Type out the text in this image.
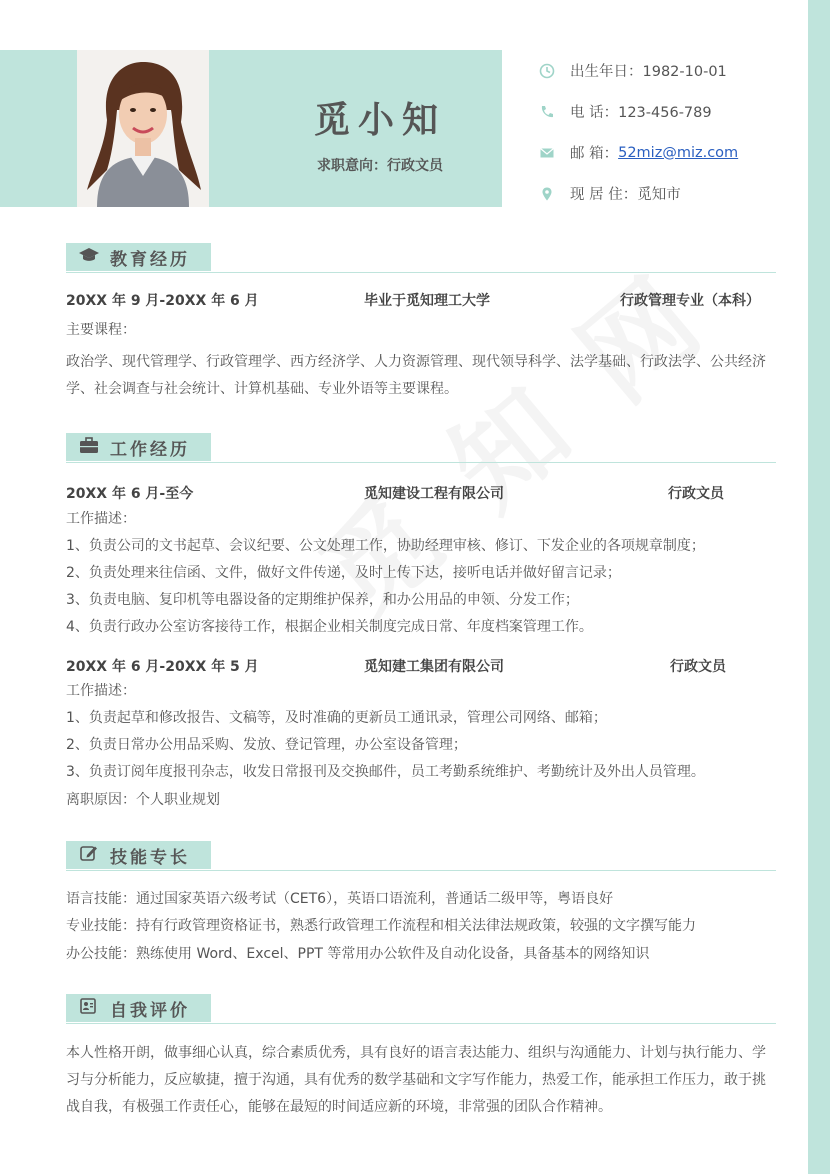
觅小知
求职意向：行政文员
出生年日：1982-10-01
电 话：123-456-789
邮 箱： 52miz@miz.com
现 居 住：觅知市
教育经历
20XX 年 9 月-20XX 年 6 月	毕业于觅知理工大学	行政管理专业（本科）
主要课程：
政治学、现代管理学、行政管理学、西方经济学、人力资源管理、现代领导科学、法学基础、行政法学、公共经济学、社会调查与社会统计、计算机基础、专业外语等主要课程。
工作经历
20XX 年 6 月-至今	觅知建设工程有限公司	行政文员
工作描述：
1、负责公司的文书起草、会议纪要、公文处理工作，协助经理审核、修订、下发企业的各项规章制度；
2、负责处理来往信函、文件，做好文件传递，及时上传下达，接听电话并做好留言记录；
3、负责电脑、复印机等电器设备的定期维护保养，和办公用品的申领、分发工作；
4、负责行政办公室访客接待工作，根据企业相关制度完成日常、年度档案管理工作。
20XX 年 6 月-20XX 年 5 月	觅知建工集团有限公司	行政文员
工作描述：
1、负责起草和修改报告、文稿等，及时准确的更新员工通讯录，管理公司网络、邮箱；
2、负责日常办公用品采购、发放、登记管理，办公室设备管理；
3、负责订阅年度报刊杂志，收发日常报刊及交换邮件，员工考勤系统维护、考勤统计及外出人员管理。
离职原因：个人职业规划
技能专长
语言技能：通过国家英语六级考试（CET6），英语口语流利，普通话二级甲等，粤语良好
专业技能：持有行政管理资格证书，熟悉行政管理工作流程和相关法律法规政策，较强的文字撰写能力
办公技能：熟练使用 Word、Excel、PPT 等常用办公软件及自动化设备，具备基本的网络知识
自我评价
本人性格开朗，做事细心认真，综合素质优秀，具有良好的语言表达能力、组织与沟通能力、计划与执行能力、学习与分析能力，反应敏捷，擅于沟通，具有优秀的数学基础和文字写作能力，热爱工作，能承担工作压力，敢于挑战自我，有极强工作责任心，能够在最短的时间适应新的环境，非常强的团队合作精神。
